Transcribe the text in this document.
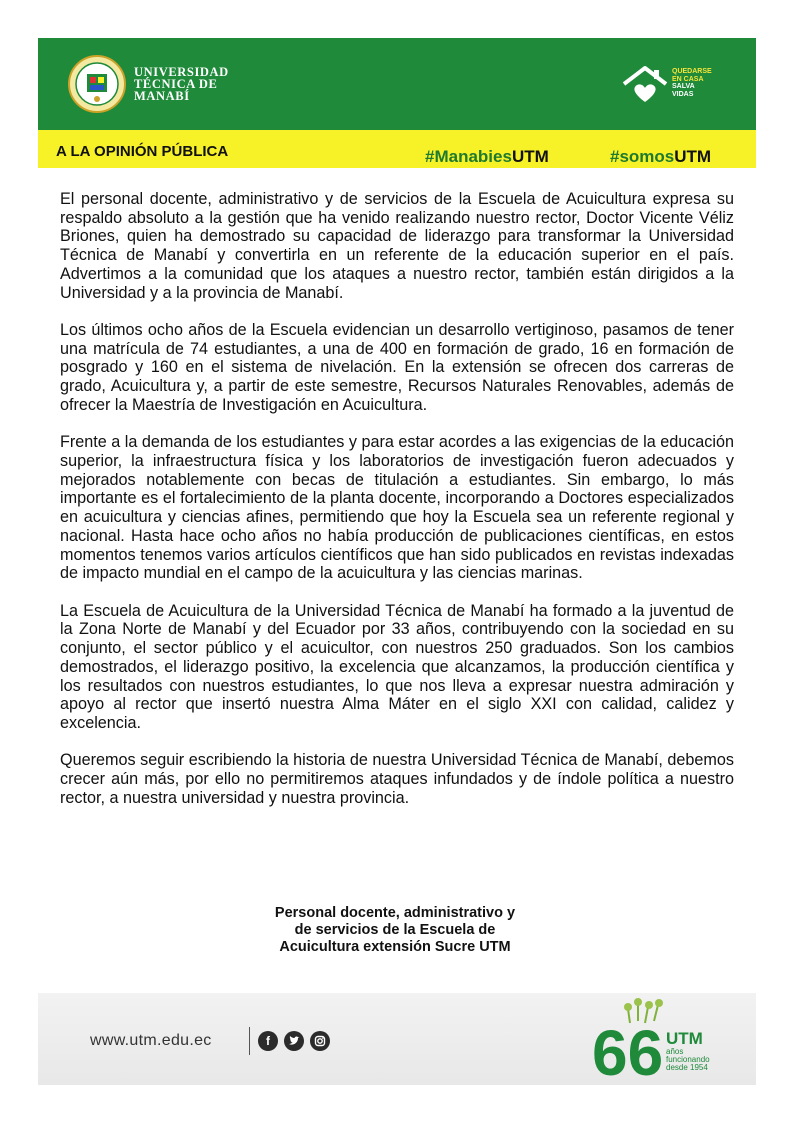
UNIVERSIDAD
TÉCNICA DE
MANABÍ
QUEDARSE
EN CASA
SALVA
VIDAS
A LA OPINIÓN PÚBLICA	#ManabiesUTM	#somosUTM

El personal docente, administrativo y de servicios de la Escuela de Acuicultura expresa su respaldo absoluto a la gestión que ha venido realizando nuestro rector, Doctor Vicente Véliz Briones, quien ha demostrado su capacidad de liderazgo para transformar la Universidad Técnica de Manabí y convertirla en un referente de la educación superior en el país. Advertimos a la comunidad que los ataques a nuestro rector, también están dirigidos a la Universidad y a la provincia de Manabí.

Los últimos ocho años de la Escuela evidencian un desarrollo vertiginoso, pasamos de tener una matrícula de 74 estudiantes, a una de 400 en formación de grado, 16 en formación de posgrado y 160 en el sistema de nivelación. En la extensión se ofrecen dos carreras de grado, Acuicultura y, a partir de este semestre, Recursos Naturales Renovables, además de ofrecer la Maestría de Investigación en Acuicultura.

Frente a la demanda de los estudiantes y para estar acordes a las exigencias de la educación superior, la infraestructura física y los laboratorios de investigación fueron adecuados y mejorados notablemente con becas de titulación a estudiantes. Sin embargo, lo más importante es el fortalecimiento de la planta docente, incorporando a Doctores especializados en acuicultura y ciencias afines, permitiendo que hoy la Escuela sea un referente regional y nacional. Hasta hace ocho años no había producción de publicaciones científicas, en estos momentos tenemos varios artículos científicos que han sido publicados en revistas indexadas de impacto mundial en el campo de la acuicultura y las ciencias marinas.

La Escuela de Acuicultura de la Universidad Técnica de Manabí ha formado a la juventud de la Zona Norte de Manabí y del Ecuador por 33 años, contribuyendo con la sociedad en su conjunto, el sector público y el acuicultor, con nuestros 250 graduados. Son los cambios demostrados, el liderazgo positivo, la excelencia que alcanzamos, la producción científica y los resultados con nuestros estudiantes, lo que nos lleva a expresar nuestra admiración y apoyo al rector que insertó nuestra Alma Máter en el siglo XXI con calidad, calidez y excelencia.

Queremos seguir escribiendo la historia de nuestra Universidad Técnica de Manabí, debemos crecer aún más, por ello no permitiremos ataques infundados y de índole política a nuestro rector, a nuestra universidad y nuestra provincia.

Personal docente, administrativo y
de servicios de la Escuela de
Acuicultura extensión Sucre UTM
www.utm.edu.ec	f	66 UTM
años
funcionando
desde 1954
